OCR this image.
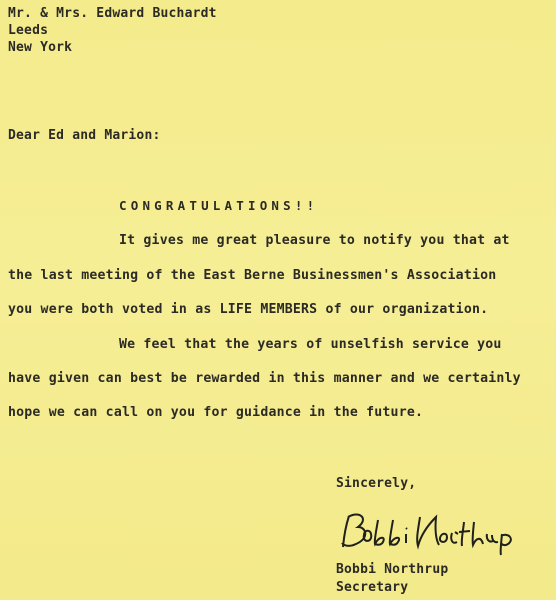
Mr. & Mrs. Edward Buchardt
Leeds
New York
Dear Ed and Marion:
CONGRATULATIONS!!
It gives me great pleasure to notify you that at
the last meeting of the East Berne Businessmen's Association
you were both voted in as LIFE MEMBERS of our organization.
We feel that the years of unselfish service you
have given can best be rewarded in this manner and we certainly
hope we can call on you for guidance in the future.
Sincerely,
Bobbi Northrup
Secretary
